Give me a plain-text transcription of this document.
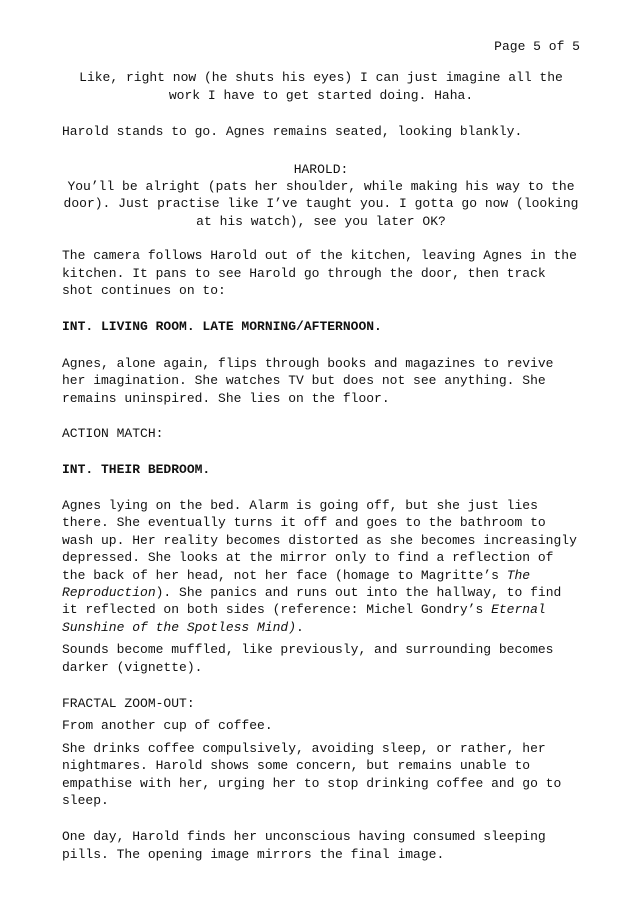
Page 5 of 5

Like, right now (he shuts his eyes) I can just imagine all the work I have to get started doing. Haha.

Harold stands to go. Agnes remains seated, looking blankly.

HAROLD:

You’ll be alright (pats her shoulder, while making his way to the door). Just practise like I’ve taught you. I gotta go now (looking at his watch), see you later OK?

The camera follows Harold out of the kitchen, leaving Agnes in the kitchen. It pans to see Harold go through the door, then track shot continues on to:

INT. LIVING ROOM. LATE MORNING/AFTERNOON.

Agnes, alone again, flips through books and magazines to revive her imagination. She watches TV but does not see anything. She remains uninspired. She lies on the floor.

ACTION MATCH:

INT. THEIR BEDROOM.

Agnes lying on the bed. Alarm is going off, but she just lies there. She eventually turns it off and goes to the bathroom to wash up. Her reality becomes distorted as she becomes increasingly depressed. She looks at the mirror only to find a reflection of the back of her head, not her face (homage to Magritte’s The Reproduction). She panics and runs out into the hallway, to find it reflected on both sides (reference: Michel Gondry’s Eternal Sunshine of the Spotless Mind).

Sounds become muffled, like previously, and surrounding becomes darker (vignette).

FRACTAL ZOOM-OUT:

From another cup of coffee.

She drinks coffee compulsively, avoiding sleep, or rather, her nightmares. Harold shows some concern, but remains unable to empathise with her, urging her to stop drinking coffee and go to sleep.

One day, Harold finds her unconscious having consumed sleeping pills. The opening image mirrors the final image.
